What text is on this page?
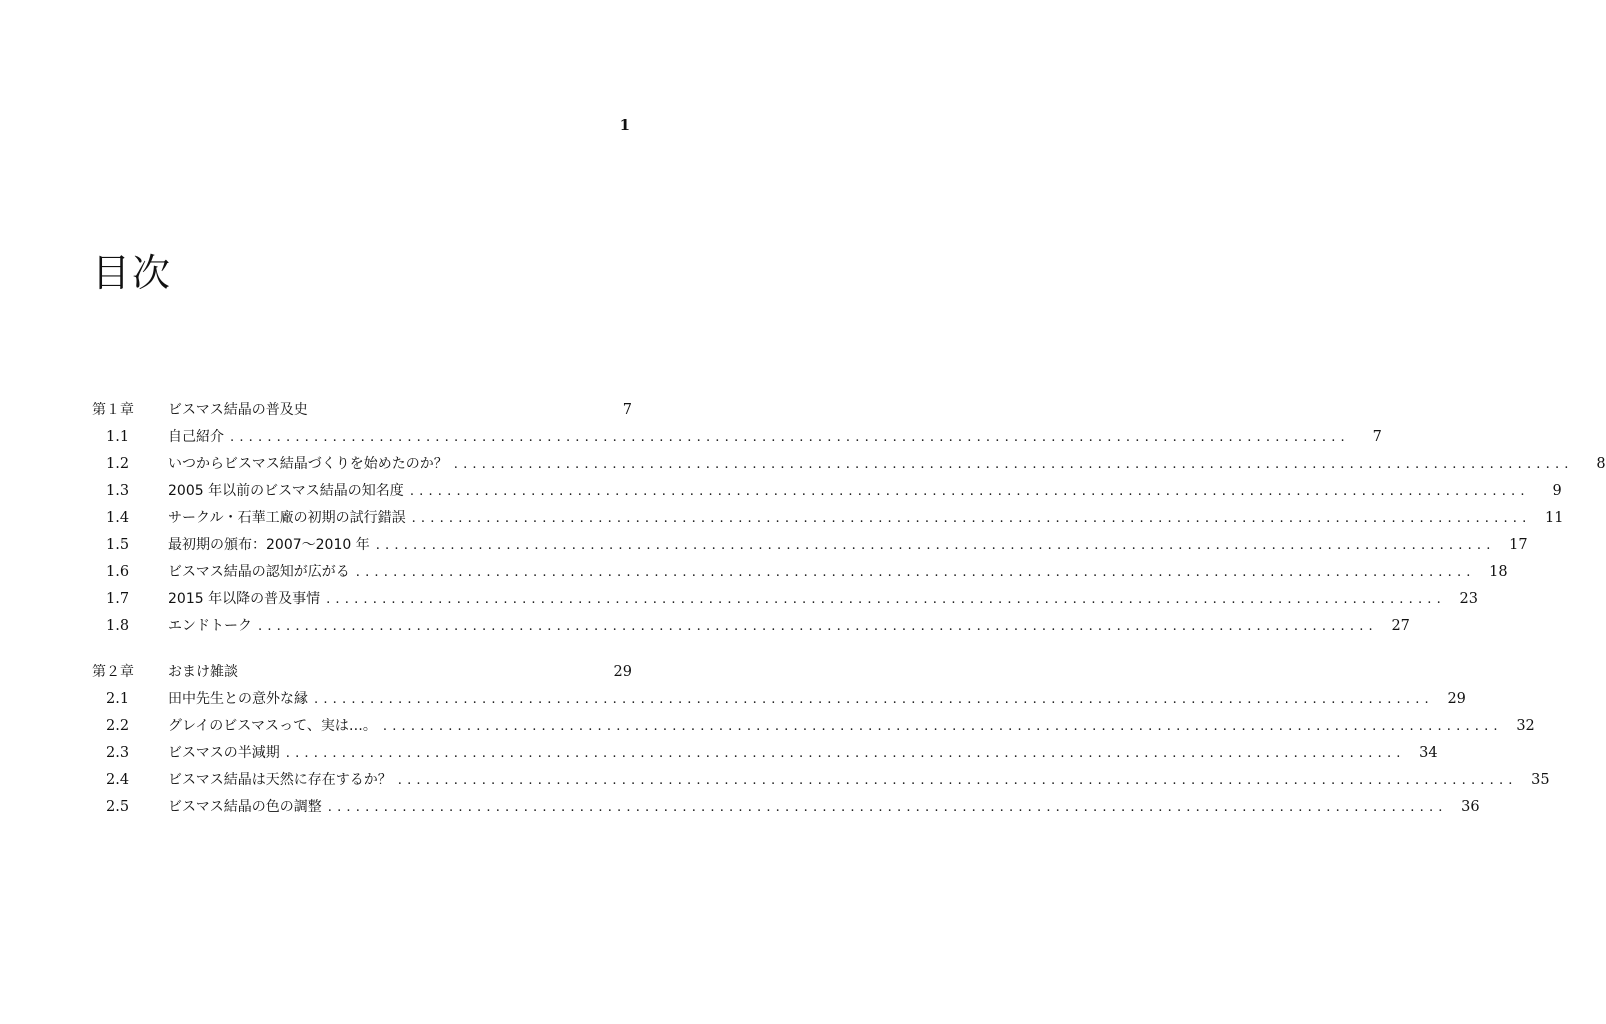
1
目次
第１章	ビスマス結晶の普及史	7
1.1	自己紹介 ........................................................................................................................	7
1.2	いつからビスマス結晶づくりを始めたのか？ ........................................................................................................................	8
1.3	2005 年以前のビスマス結晶の知名度 ........................................................................................................................	9
1.4	サークル・石華工廠の初期の試行錯誤 ........................................................................................................................ 11
1.5	最初期の頒布：2007〜2010 年 ........................................................................................................................ 17
1.6	ビスマス結晶の認知が広がる ........................................................................................................................ 18
1.7	2015 年以降の普及事情 ........................................................................................................................ 23
1.8	エンドトーク ........................................................................................................................ 27
第２章	おまけ雑談	29
2.1	田中先生との意外な縁 ........................................................................................................................ 29
2.2	グレイのビスマスって、実は…。 ........................................................................................................................ 32
2.3	ビスマスの半減期 ........................................................................................................................ 34
2.4	ビスマス結晶は天然に存在するか？ ........................................................................................................................ 35
2.5	ビスマス結晶の色の調整 ........................................................................................................................ 36
